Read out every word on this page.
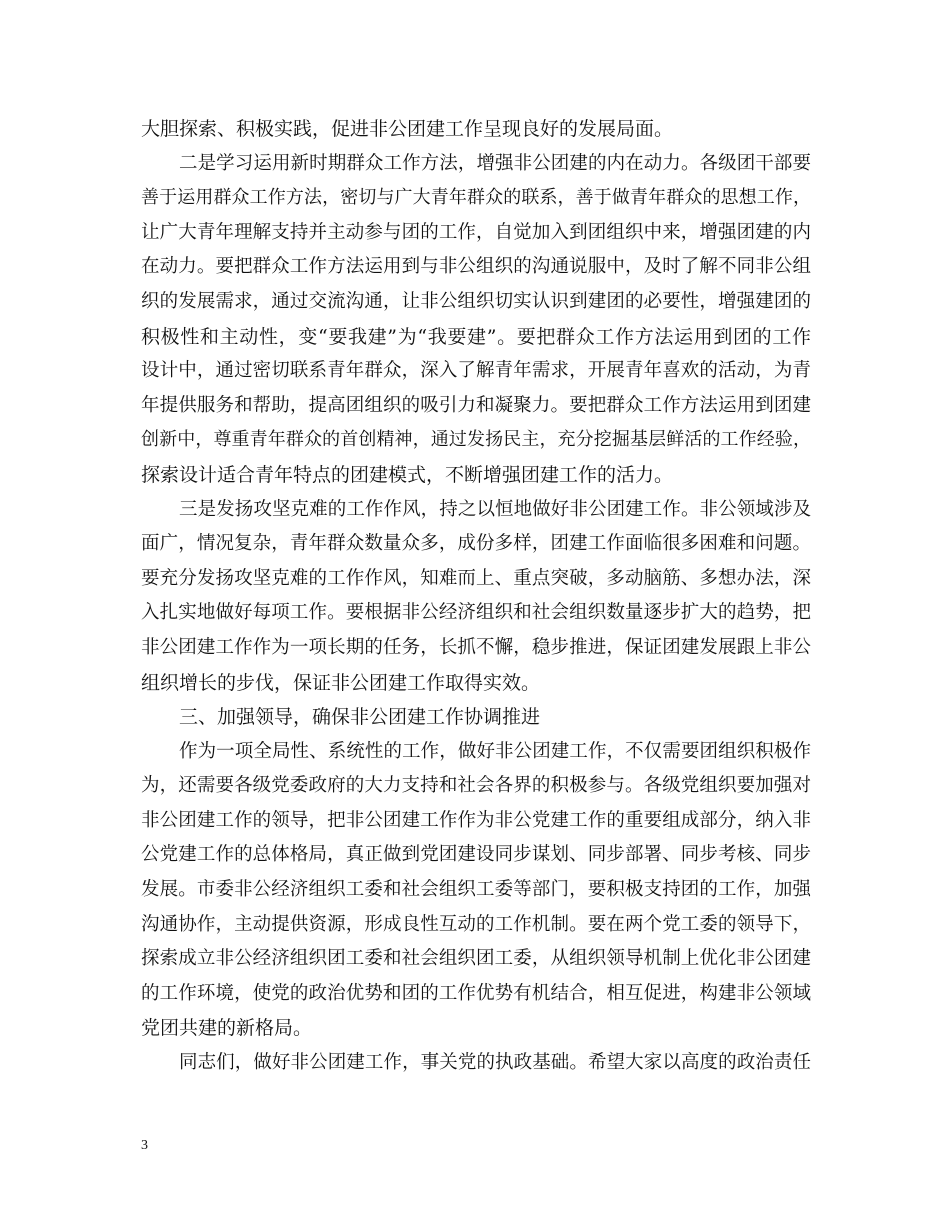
大胆探索、积极实践，促进非公团建工作呈现良好的发展局面。
二是学习运用新时期群众工作方法，增强非公团建的内在动力。各级团干部要
善于运用群众工作方法，密切与广大青年群众的联系，善于做青年群众的思想工作，
让广大青年理解支持并主动参与团的工作，自觉加入到团组织中来，增强团建的内
在动力。要把群众工作方法运用到与非公组织的沟通说服中，及时了解不同非公组
织的发展需求，通过交流沟通，让非公组织切实认识到建团的必要性，增强建团的
积极性和主动性，变“要我建”为“我要建”。要把群众工作方法运用到团的工作
设计中，通过密切联系青年群众，深入了解青年需求，开展青年喜欢的活动，为青
年提供服务和帮助，提高团组织的吸引力和凝聚力。要把群众工作方法运用到团建
创新中，尊重青年群众的首创精神，通过发扬民主，充分挖掘基层鲜活的工作经验，
探索设计适合青年特点的团建模式，不断增强团建工作的活力。
三是发扬攻坚克难的工作作风，持之以恒地做好非公团建工作。非公领域涉及
面广，情况复杂，青年群众数量众多，成份多样，团建工作面临很多困难和问题。
要充分发扬攻坚克难的工作作风，知难而上、重点突破，多动脑筋、多想办法，深
入扎实地做好每项工作。要根据非公经济组织和社会组织数量逐步扩大的趋势，把
非公团建工作作为一项长期的任务，长抓不懈，稳步推进，保证团建发展跟上非公
组织增长的步伐，保证非公团建工作取得实效。
三、加强领导，确保非公团建工作协调推进
作为一项全局性、系统性的工作，做好非公团建工作，不仅需要团组织积极作
为，还需要各级党委政府的大力支持和社会各界的积极参与。各级党组织要加强对
非公团建工作的领导，把非公团建工作作为非公党建工作的重要组成部分，纳入非
公党建工作的总体格局，真正做到党团建设同步谋划、同步部署、同步考核、同步
发展。市委非公经济组织工委和社会组织工委等部门，要积极支持团的工作，加强
沟通协作，主动提供资源，形成良性互动的工作机制。要在两个党工委的领导下，
探索成立非公经济组织团工委和社会组织团工委，从组织领导机制上优化非公团建
的工作环境，使党的政治优势和团的工作优势有机结合，相互促进，构建非公领域
党团共建的新格局。
同志们，做好非公团建工作，事关党的执政基础。希望大家以高度的政治责任
3
